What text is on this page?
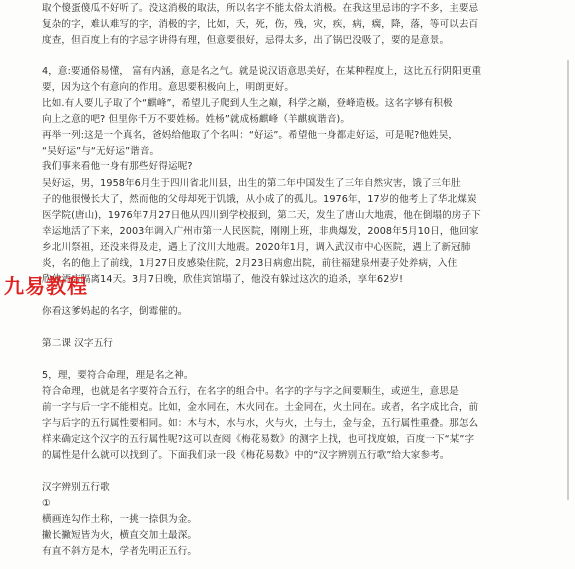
取个傻蛋傻瓜不好听了。没这消极的取法，所以名字不能太俗太消极。在我这里忌讳的字不多，主要忌
复杂的字，难认难写的字，消极的字，比如，夭，死，伤，残，灾，疾，病，瘸，降，落，等可以去百
度查，但百度上有的字忌字讲得有理，但意要很好，忌得太多，出了锅巴没吸了，要的是意景。
4，意:要通俗易懂， 富有内涵，意是名之气。就是说汉语意思美好，在某种程度上，这比五行阴阳更重
要，因为这个有意向的作用。意思要积极向上，明朗更好。
比如.有人要儿子取了个“麒峰”，希望儿子爬到人生之巅，科学之巅，登峰造极。这名字够有积极
向上之意的吧? 但里你千万不要姓杨。姓杨”就成杨麒峰（羊麒疯谐音)。
再举一列:这是一个真名，爸妈给他取了个名叫：“好运”。希望他一身都走好运，可是呢?他姓吴，
“吴好运”与“无好运”谐音。
我们事来看他一身有那些好得运呢?
吴好运，男，1958年6月生于四川省北川县，出生的第二年中国发生了三年自然灾害，饿了三年肚
子的他很慢长大了，然而他的父母却死于饥饿，从小成了的孤儿。1976年，17岁的他考上了华北煤炭
医学院(唐山)，1976年7月27日他从四川到学校报到，第二天，发生了唐山大地震，他在倒塌的房子下
幸运地活了下来，2003年调入广州市第一人民医院，刚刚上班，非典爆发，2008年5月10日，他回家
乡北川祭祖，还没来得及走，遇上了汶川大地震。2020年1月，调入武汉市中心医院，遇上了新冠肺
炎，名的他上了前线，1月27日皮感染住院，2月23日病愈出院，前往福建泉州妻子处养病，入住
欣佳酒店隔离14天。3月7日晚，欣佳宾馆塌了，他没有躲过这次的追杀，享年62岁!
你看这爹妈起的名字，倒霉催的。
第二课 汉字五行
5，理，要符合命理，理是名之神。
符合命理，也就是名字要符合五行，在名字的组合中。名字的字与字之间要顺生，或逆生，意思是
前一字与后一字不能相克。比如，金水同在，木火同在。土金同在，火土同在。或者，名字成比合，前
字与后字的五行属性要相同。如：木与木，水与水，火与火，土与土，金与金，五行属性重叠。那怎么
样来确定这个汉字的五行属性呢?这可以查阅《梅花易数》的测字上找，也可找度娘，百度一下“某”字
的属性是什么就可以找到了。下面我们录一段《梅花易数》中的“汉字辨别五行歌”给大家参考。
汉字辨别五行歌
①
横画连勾作土称，一挑一捺俱为金。
撇长撇短皆为火，横直交加土最深。
有直不斜方是木，学者先明正五行。
九易教程
